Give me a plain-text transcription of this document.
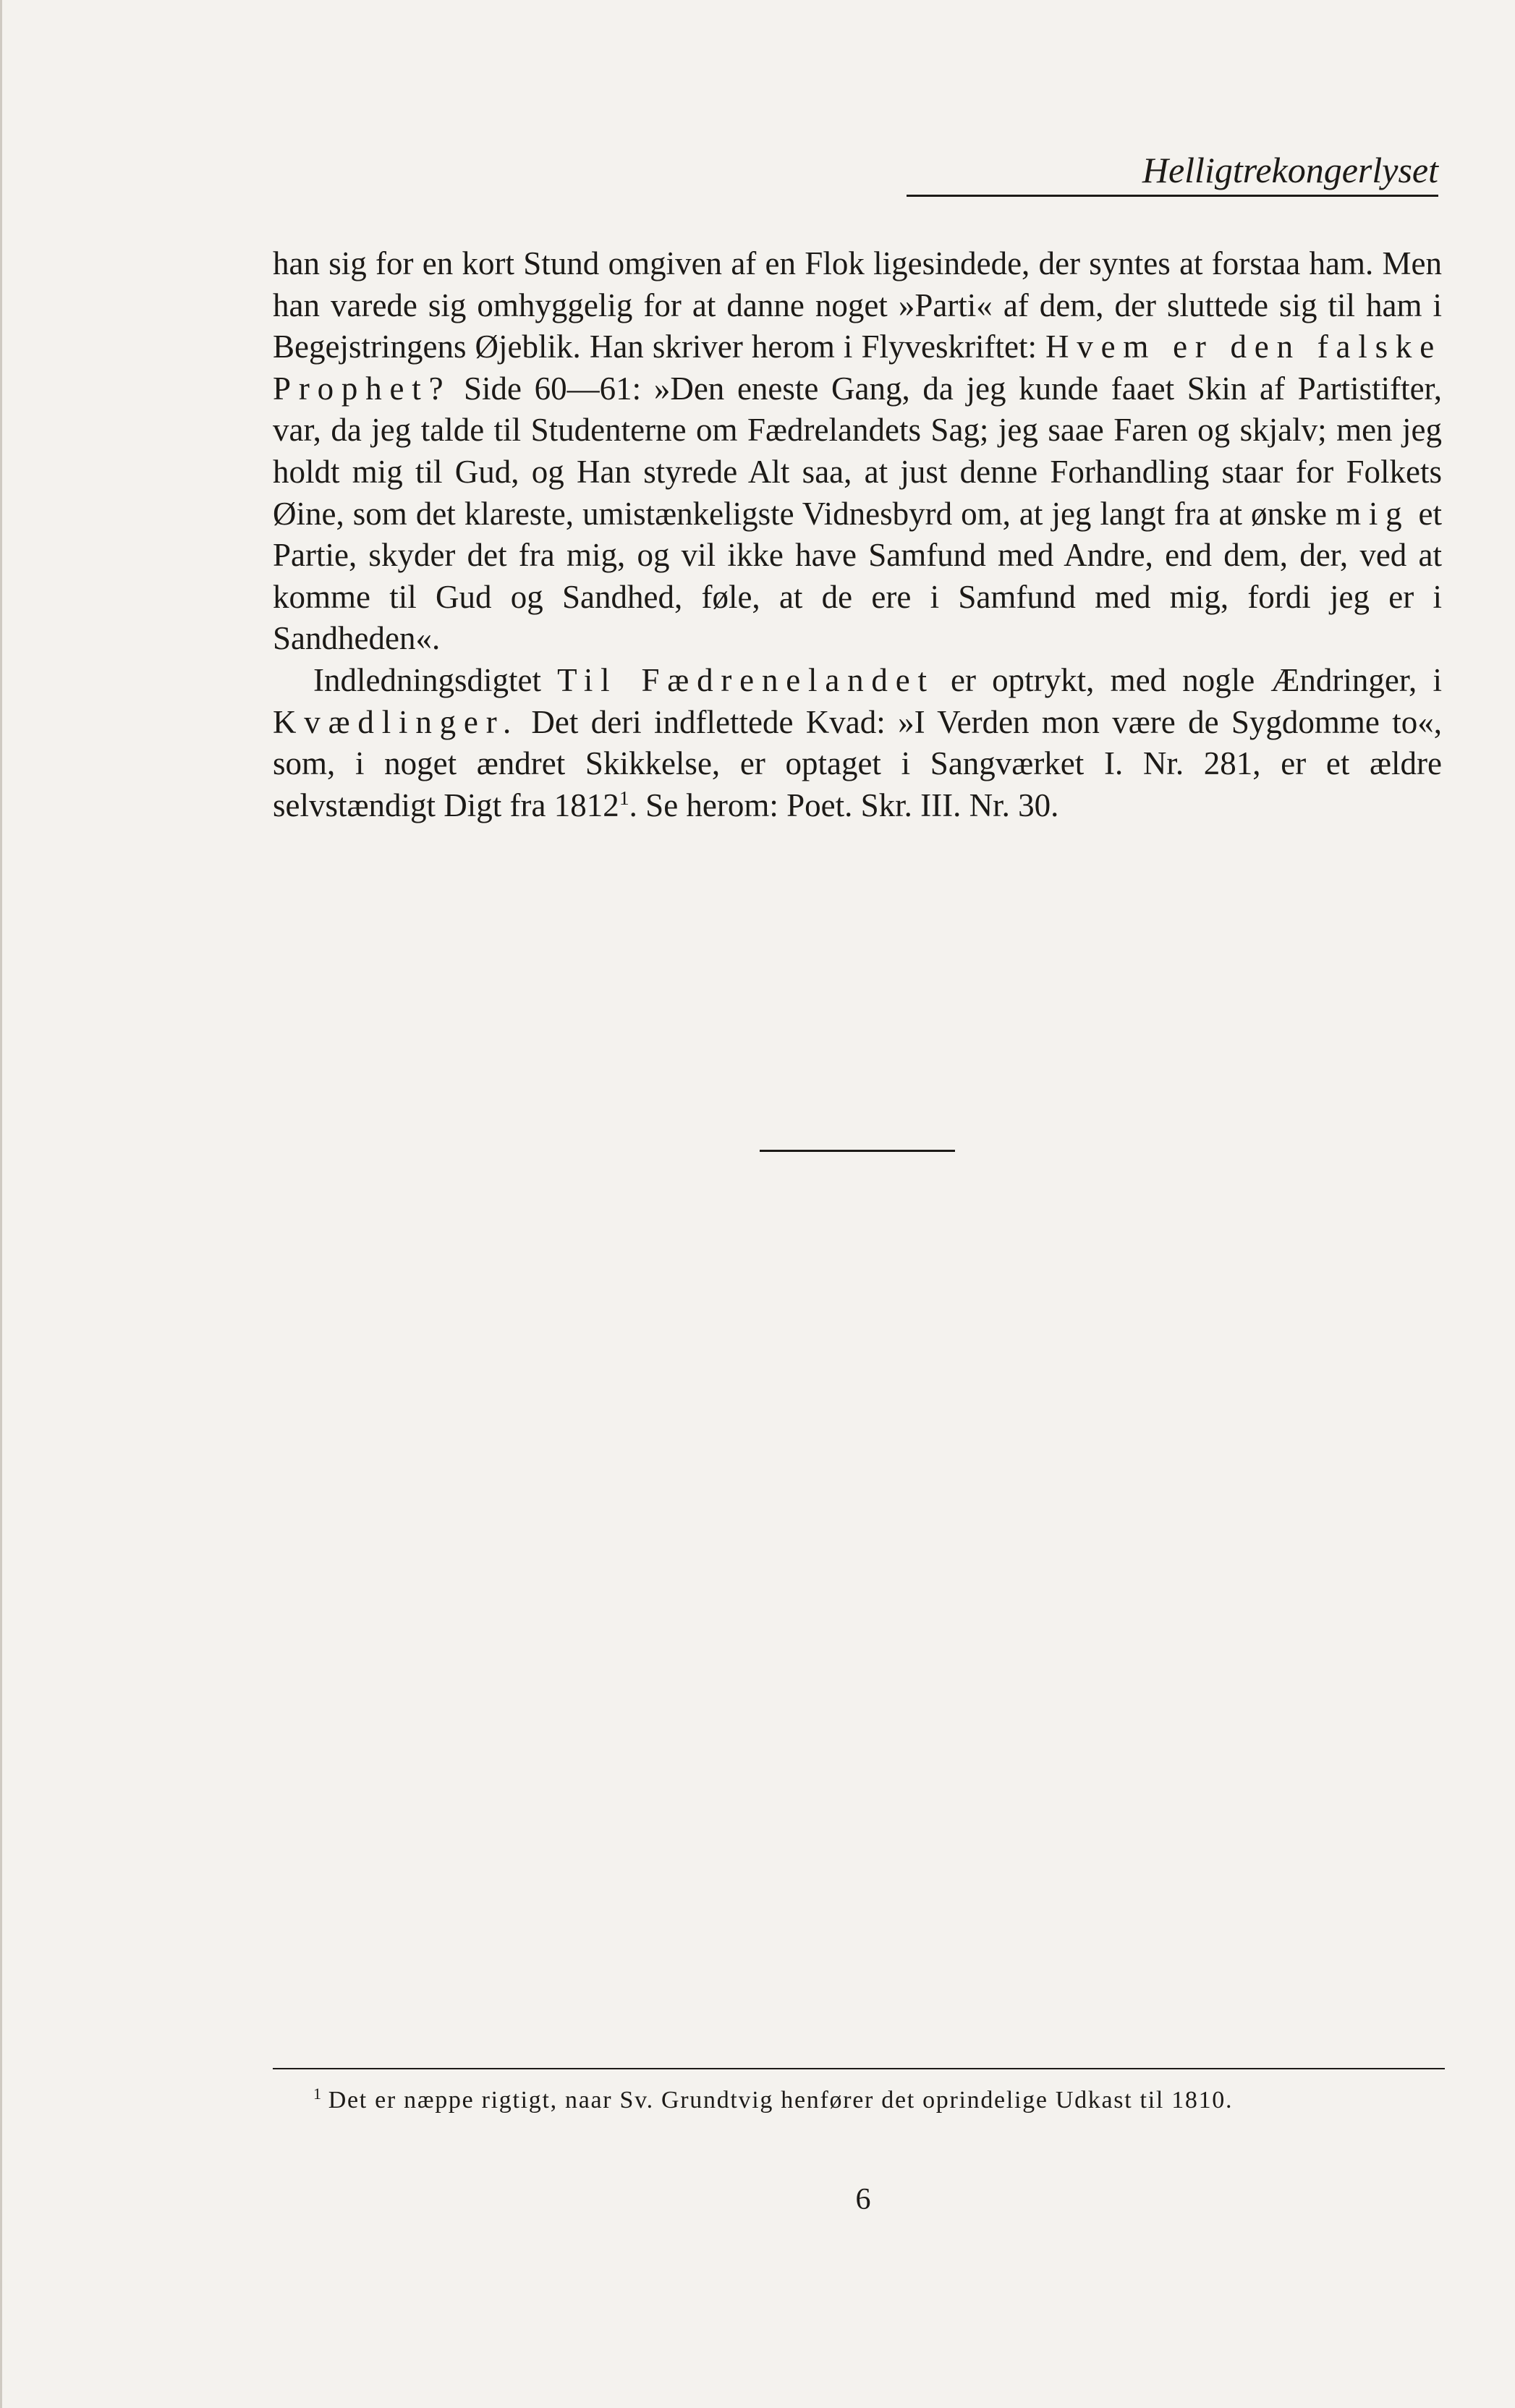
Helligtrekongerlyset

han sig for en kort Stund omgiven af en Flok ligesindede, der syntes at forstaa ham. Men han varede sig omhyggelig for at danne noget »Parti« af dem, der sluttede sig til ham i Begejstringens Øjeblik. Han skriver herom i Flyveskriftet: Hvem er den falske Prophet? Side 60—61: »Den eneste Gang, da jeg kunde faaet Skin af Partistifter, var, da jeg talde til Studenterne om Fædrelandets Sag; jeg saae Faren og skjalv; men jeg holdt mig til Gud, og Han styrede Alt saa, at just denne Forhandling staar for Folkets Øine, som det klareste, umistænkeligste Vidnesbyrd om, at jeg langt fra at ønske mig et Partie, skyder det fra mig, og vil ikke have Samfund med Andre, end dem, der, ved at komme til Gud og Sandhed, føle, at de ere i Samfund med mig, fordi jeg er i Sandheden«.

Indledningsdigtet Til Fædrenelandet er optrykt, med nogle Ændringer, i Kvædlinger. Det deri indflettede Kvad: »I Verden mon være de Sygdomme to«, som, i noget ændret Skikkelse, er optaget i Sangværket I. Nr. 281, er et ældre selvstændigt Digt fra 1812$^1$. Se herom: Poet. Skr. III. Nr. 30.

$^1$ Det er næppe rigtigt, naar Sv. Grundtvig henfører det oprindelige Udkast til 1810.
6
